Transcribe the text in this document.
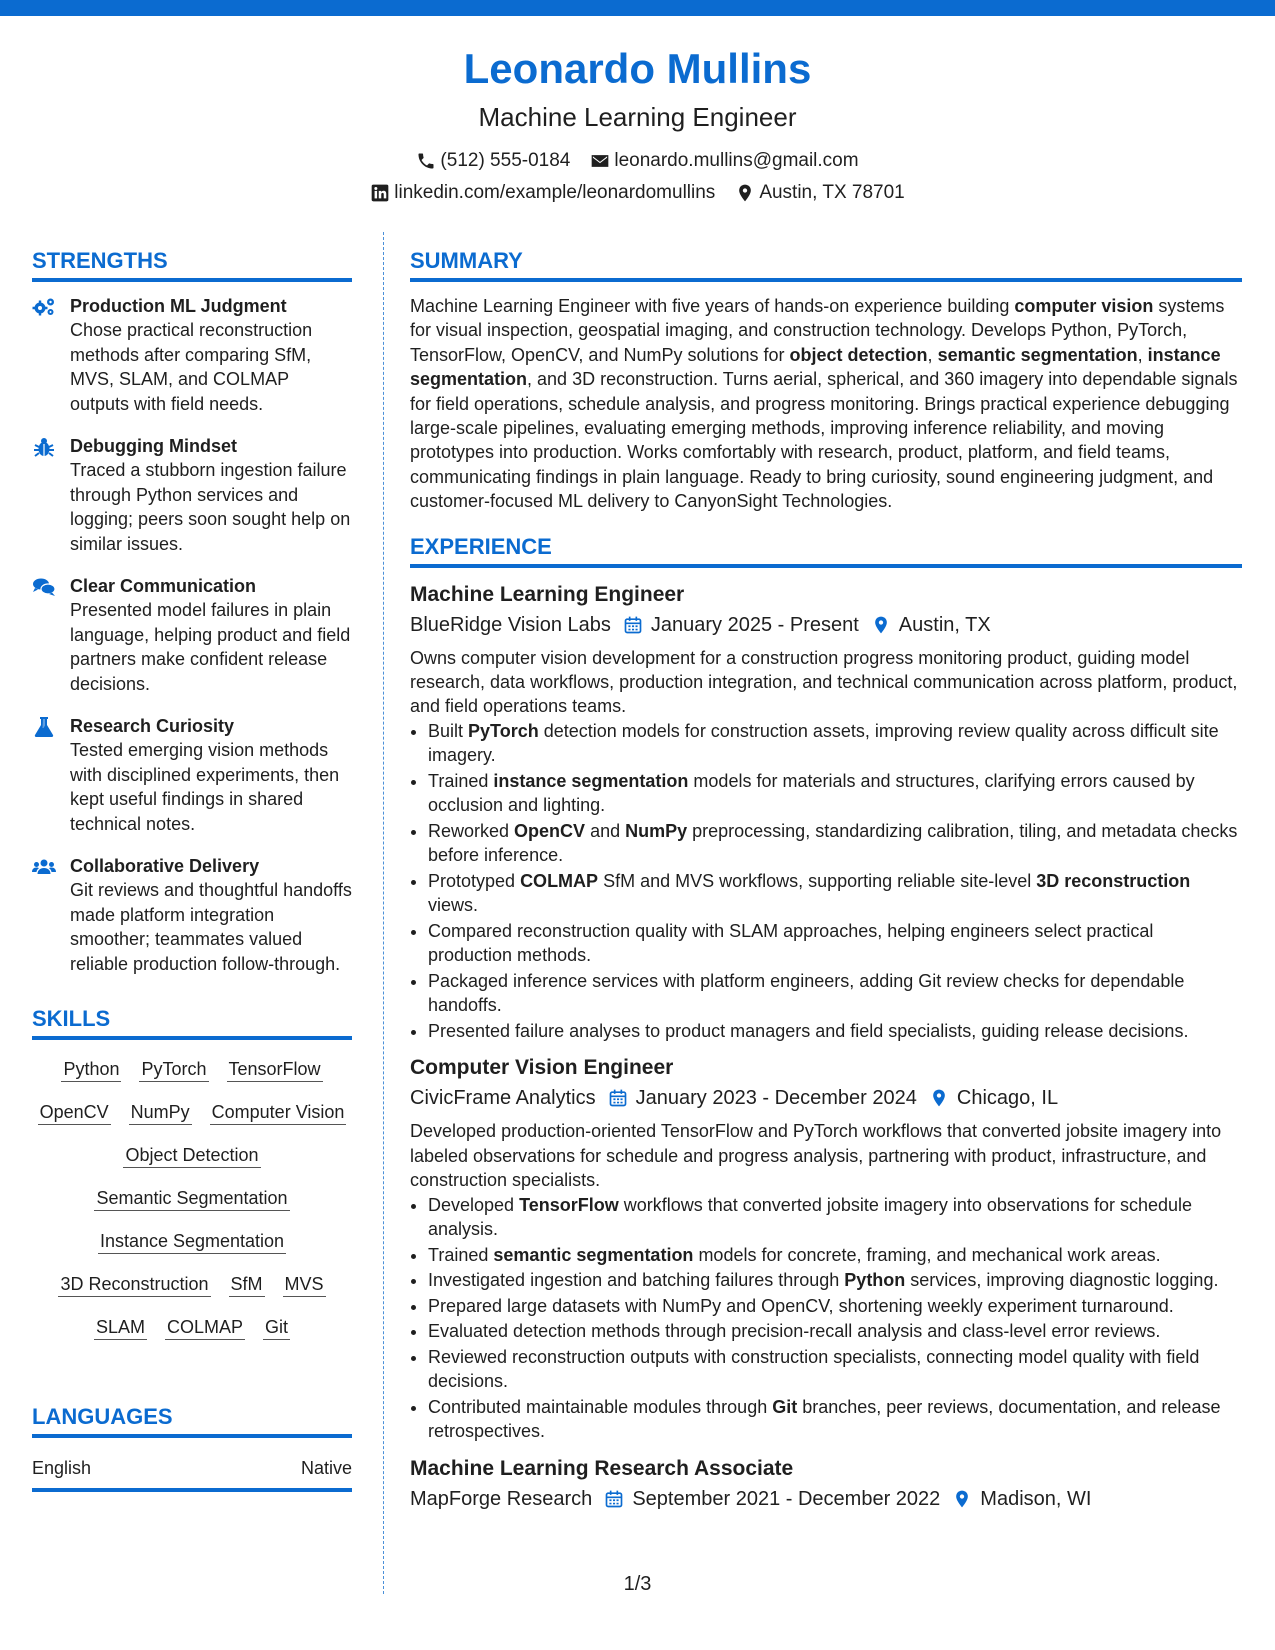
Leonardo Mullins
Machine Learning Engineer
(512) 555-0184 leonardo.mullins@gmail.com
linkedin.com/example/leonardomullins Austin, TX 78701
STRENGTHS
Production ML Judgment
Chose practical reconstruction methods after comparing SfM, MVS, SLAM, and COLMAP outputs with field needs.
Debugging Mindset
Traced a stubborn ingestion failure through Python services and logging; peers soon sought help on similar issues.
Clear Communication
Presented model failures in plain language, helping product and field partners make confident release decisions.
Research Curiosity
Tested emerging vision methods with disciplined experiments, then kept useful findings in shared technical notes.
Collaborative Delivery
Git reviews and thoughtful handoffs made platform integration smoother; teammates valued reliable production follow-through.
SKILLS
Python PyTorch TensorFlow
OpenCV NumPy Computer Vision
Object Detection
Semantic Segmentation
Instance Segmentation
3D Reconstruction SfM MVS
SLAM COLMAP Git
LANGUAGES
English	Native
SUMMARY

Machine Learning Engineer with five years of hands-on experience building computer vision systems for visual inspection, geospatial imaging, and construction technology. Develops Python, PyTorch, TensorFlow, OpenCV, and NumPy solutions for object detection, semantic segmentation, instance segmentation, and 3D reconstruction. Turns aerial, spherical, and 360 imagery into dependable signals for field operations, schedule analysis, and progress monitoring. Brings practical experience debugging large-scale pipelines, evaluating emerging methods, improving inference reliability, and moving prototypes into production. Works comfortably with research, product, platform, and field teams, communicating findings in plain language. Ready to bring curiosity, sound engineering judgment, and customer-focused ML delivery to CanyonSight Technologies.

EXPERIENCE
Machine Learning Engineer
BlueRidge Vision Labs January 2025 - Present Austin, TX

Owns computer vision development for a construction progress monitoring product, guiding model research, data workflows, production integration, and technical communication across platform, product, and field operations teams.

• Built PyTorch detection models for construction assets, improving review quality across difficult site imagery.
• Trained instance segmentation models for materials and structures, clarifying errors caused by occlusion and lighting.
• Reworked OpenCV and NumPy preprocessing, standardizing calibration, tiling, and metadata checks before inference.
• Prototyped COLMAP SfM and MVS workflows, supporting reliable site-level 3D reconstruction views.
• Compared reconstruction quality with SLAM approaches, helping engineers select practical production methods.
• Packaged inference services with platform engineers, adding Git review checks for dependable handoffs.
• Presented failure analyses to product managers and field specialists, guiding release decisions.
Computer Vision Engineer
CivicFrame Analytics January 2023 - December 2024 Chicago, IL

Developed production-oriented TensorFlow and PyTorch workflows that converted jobsite imagery into labeled observations for schedule and progress analysis, partnering with product, infrastructure, and construction specialists.

• Developed TensorFlow workflows that converted jobsite imagery into observations for schedule analysis.
• Trained semantic segmentation models for concrete, framing, and mechanical work areas.
• Investigated ingestion and batching failures through Python services, improving diagnostic logging.
• Prepared large datasets with NumPy and OpenCV, shortening weekly experiment turnaround.
• Evaluated detection methods through precision-recall analysis and class-level error reviews.
• Reviewed reconstruction outputs with construction specialists, connecting model quality with field decisions.
• Contributed maintainable modules through Git branches, peer reviews, documentation, and release retrospectives.
Machine Learning Research Associate
MapForge Research September 2021 - December 2022 Madison, WI
1/3
